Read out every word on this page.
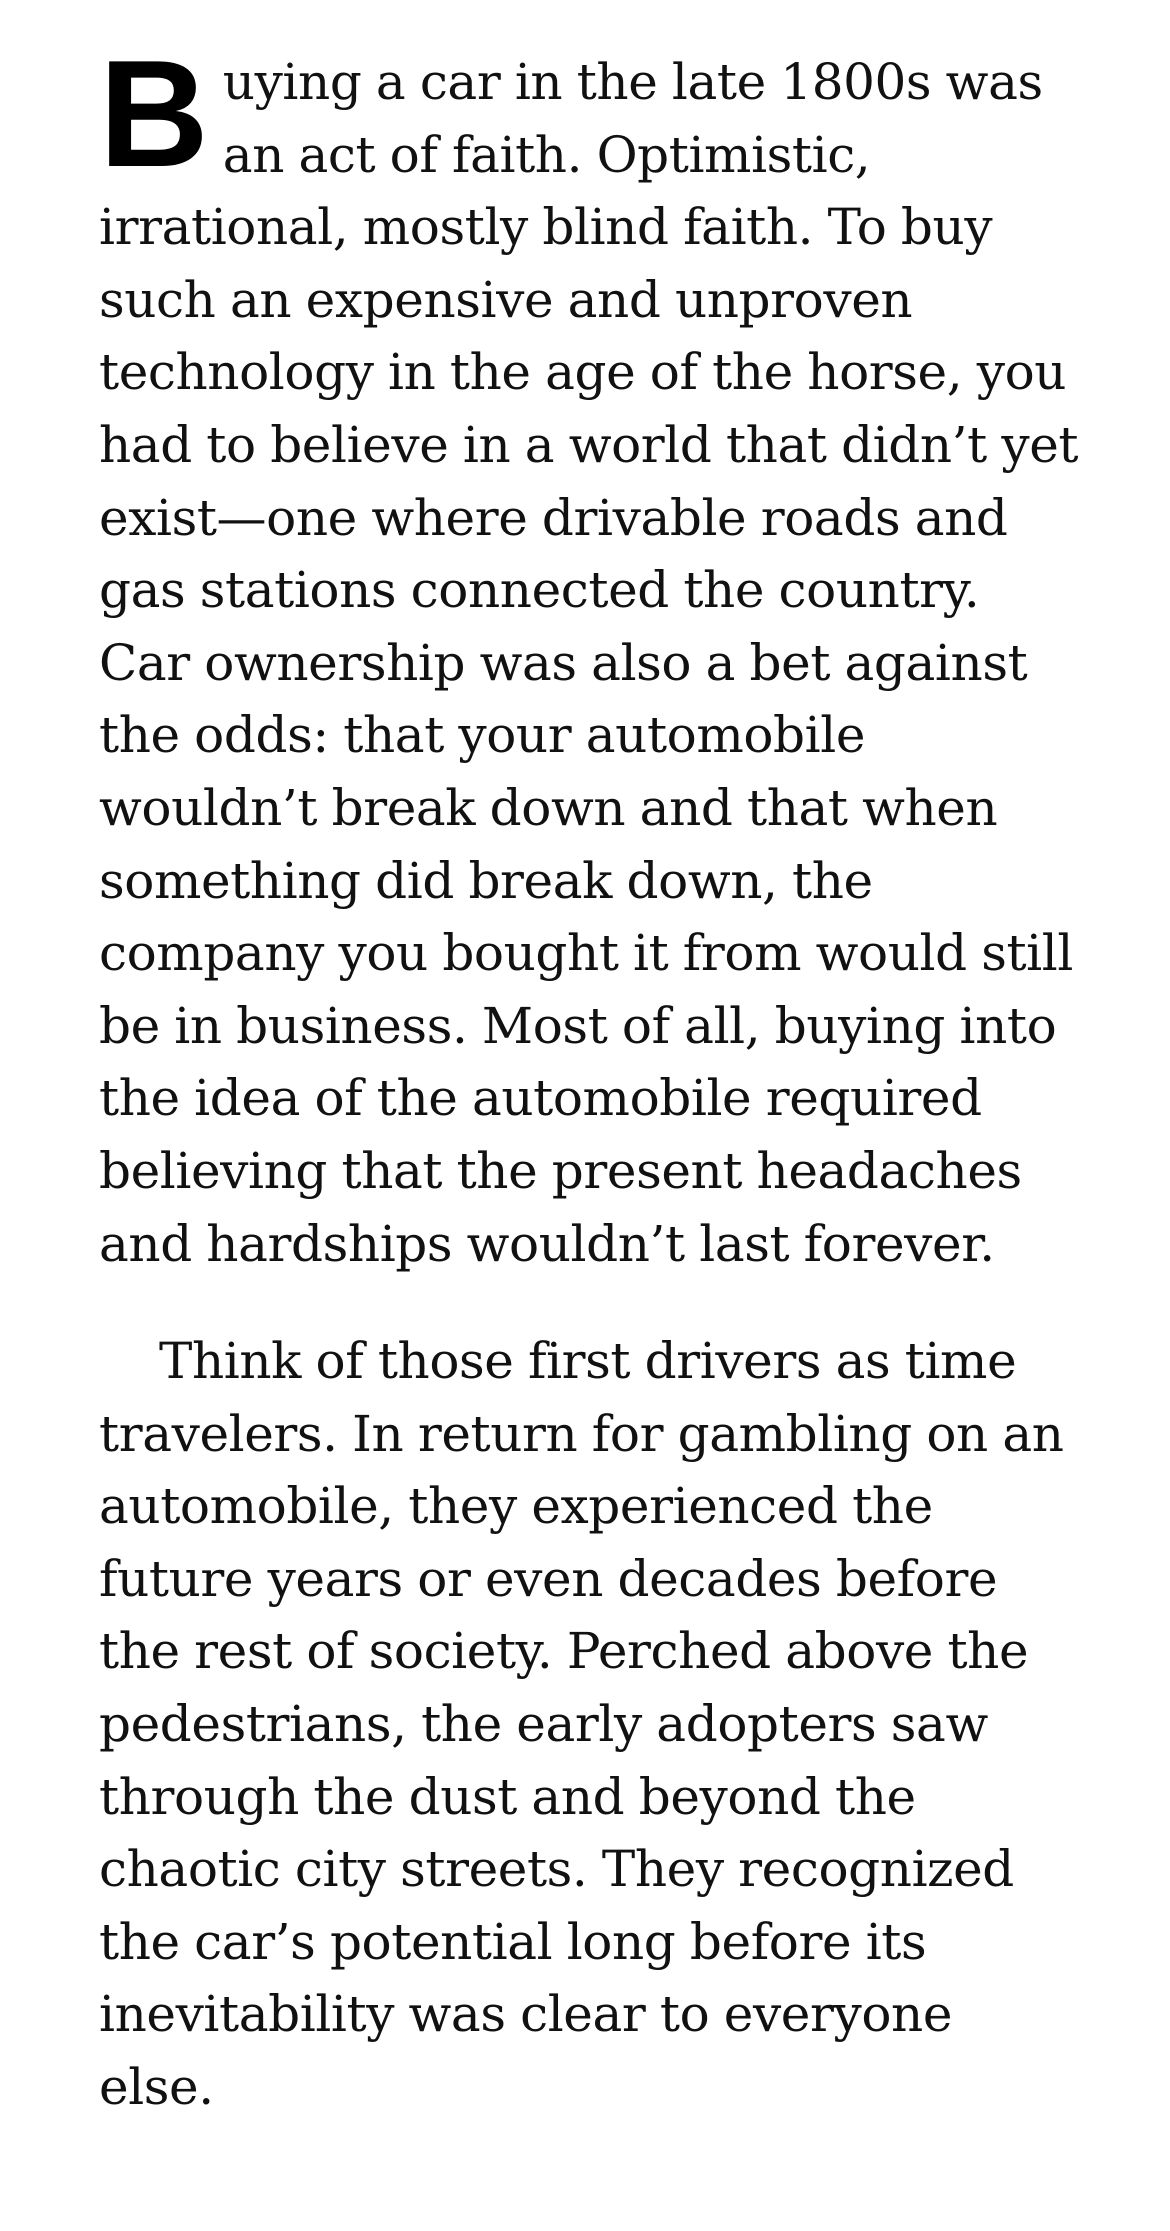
Buying a car in the late 1800s was an act of faith. Optimistic, irrational, mostly blind faith. To buy such an expensive and unproven technology in the age of the horse, you had to believe in a world that didn’t yet exist—one where drivable roads and gas stations connected the country. Car ownership was also a bet against the odds: that your automobile wouldn’t break down and that when something did break down, the company you bought it from would still be in business. Most of all, buying into the idea of the automobile required believing that the present headaches and hardships wouldn’t last forever.

Think of those first drivers as time travelers. In return for gambling on an automobile, they experienced the future years or even decades before the rest of society. Perched above the pedestrians, the early adopters saw through the dust and beyond the chaotic city streets. They recognized the car’s potential long before its inevitability was clear to everyone else.
